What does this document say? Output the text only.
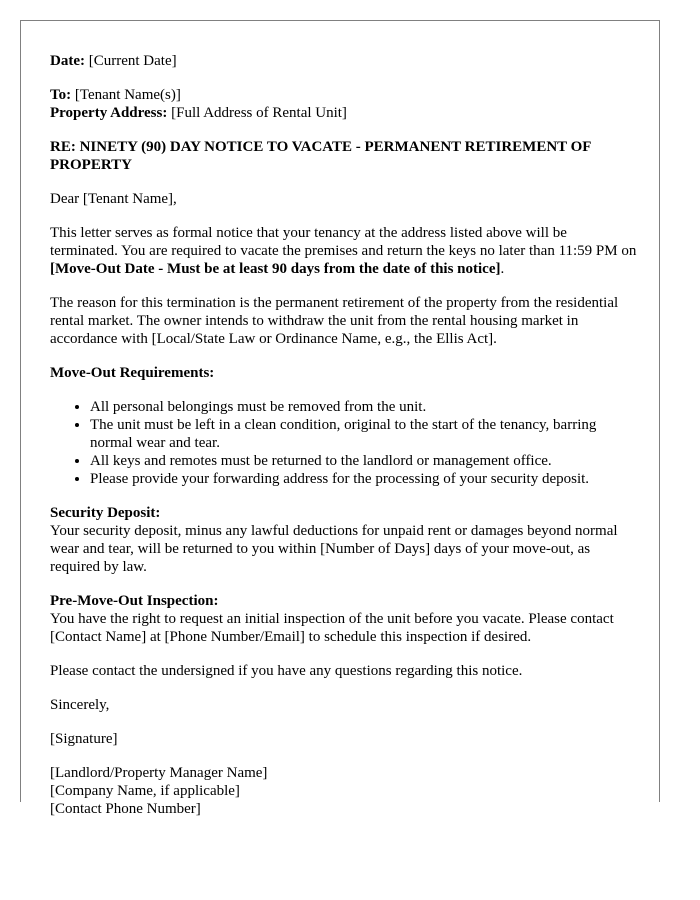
Date: [Current Date]

To: [Tenant Name(s)]
Property Address: [Full Address of Rental Unit]

RE: NINETY (90) DAY NOTICE TO VACATE - PERMANENT RETIREMENT OF PROPERTY

Dear [Tenant Name],

This letter serves as formal notice that your tenancy at the address listed above will be terminated. You are required to vacate the premises and return the keys no later than 11:59 PM on [Move-Out Date - Must be at least 90 days from the date of this notice].

The reason for this termination is the permanent retirement of the property from the residential rental market. The owner intends to withdraw the unit from the rental housing market in accordance with [Local/State Law or Ordinance Name, e.g., the Ellis Act].

Move-Out Requirements:

• All personal belongings must be removed from the unit.
• The unit must be left in a clean condition, original to the start of the tenancy, barring normal wear and tear.
• All keys and remotes must be returned to the landlord or management office.
• Please provide your forwarding address for the processing of your security deposit.

Security Deposit:
Your security deposit, minus any lawful deductions for unpaid rent or damages beyond normal wear and tear, will be returned to you within [Number of Days] days of your move-out, as required by law.

Pre-Move-Out Inspection:
You have the right to request an initial inspection of the unit before you vacate. Please contact [Contact Name] at [Phone Number/Email] to schedule this inspection if desired.

Please contact the undersigned if you have any questions regarding this notice.

Sincerely,

[Signature]

[Landlord/Property Manager Name]
[Company Name, if applicable]
[Contact Phone Number]
